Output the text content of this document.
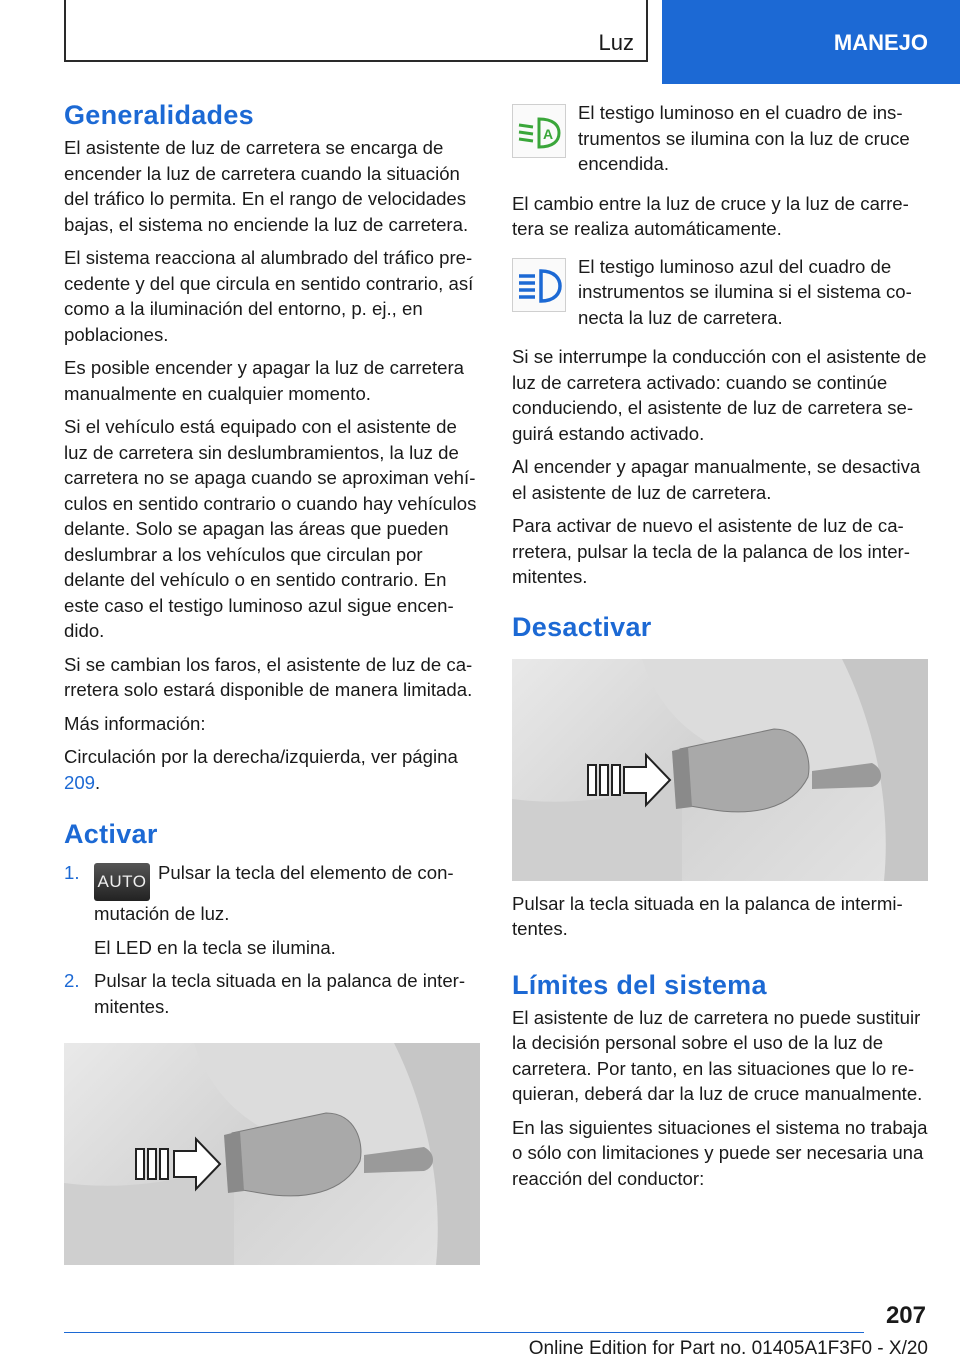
Luz	MANEJO
Generalidades

El asistente de luz de carretera se encarga de encender la luz de carretera cuando la situación del tráfico lo permita. En el rango de velocidades bajas, el sistema no enciende la luz de carretera.

El sistema reacciona al alumbrado del tráfico precedente y del que circula en sentido contrario, así como a la iluminación del entorno, p. ej., en poblaciones.

Es posible encender y apagar la luz de carretera manualmente en cualquier momento.

Si el vehículo está equipado con el asistente de luz de carretera sin deslumbramientos, la luz de carretera no se apaga cuando se aproximan vehículos en sentido contrario o cuando hay vehículos delante. Solo se apagan las áreas que pueden deslumbrar a los vehículos que circulan por delante del vehículo o en sentido contrario. En este caso el testigo luminoso azul sigue encendido.

Si se cambian los faros, el asistente de luz de carretera solo estará disponible de manera limitada.

Más información:

Circulación por la derecha/izquierda, ver página 209.

Activar
1. AUTO Pulsar la tecla del elemento de conmutación de luz.
El LED en la tecla se ilumina.
2. Pulsar la tecla situada en la palanca de intermitentes.
A

El testigo luminoso en el cuadro de instrumentos se ilumina con la luz de cruce encendida.

El cambio entre la luz de cruce y la luz de carretera se realiza automáticamente.

El testigo luminoso azul del cuadro de instrumentos se ilumina si el sistema conecta la luz de carretera.

Si se interrumpe la conducción con el asistente de luz de carretera activado: cuando se continúe conduciendo, el asistente de luz de carretera seguirá estando activado.

Al encender y apagar manualmente, se desactiva el asistente de luz de carretera.

Para activar de nuevo el asistente de luz de carretera, pulsar la tecla de la palanca de los intermitentes.

Desactivar

Pulsar la tecla situada en la palanca de intermitentes.

Límites del sistema

El asistente de luz de carretera no puede sustituir la decisión personal sobre el uso de la luz de carretera. Por tanto, en las situaciones que lo requieran, deberá dar la luz de cruce manualmente.

En las siguientes situaciones el sistema no trabaja o sólo con limitaciones y puede ser necesaria una reacción del conductor:

207
Online Edition for Part no. 01405A1F3F0 - X/20
